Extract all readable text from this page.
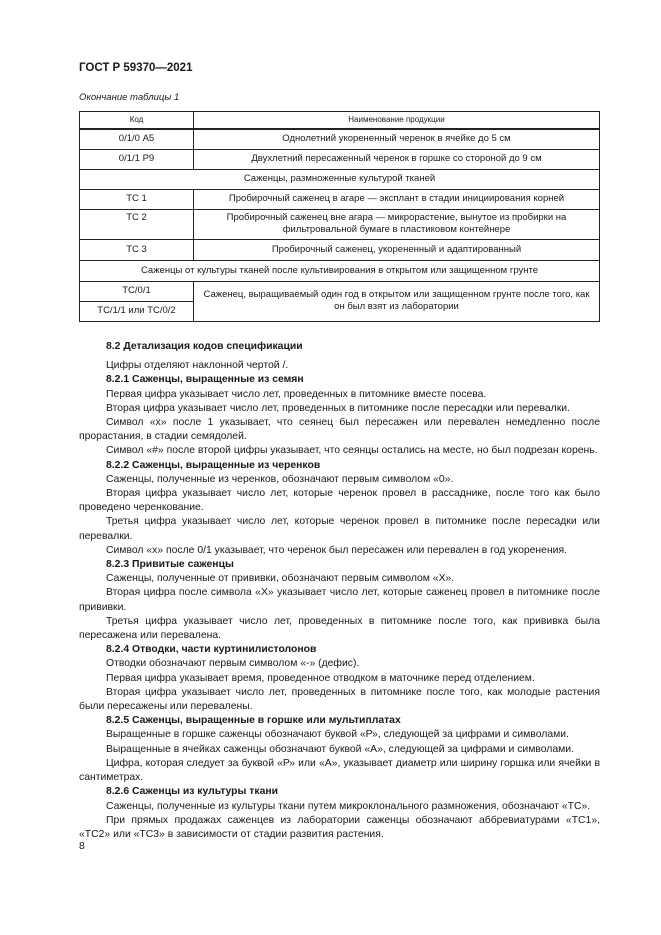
ГОСТ Р 59370—2021
Окончание таблицы 1
Код	Наименование продукции
0/1/0 А5	Однолетний укорененный черенок в ячейке до 5 см
0/1/1 Р9	Двухлетний пересаженный черенок в горшке со стороной до 9 см
Саженцы, размноженные культурой тканей	
ТС 1	Пробирочный саженец в агаре — эксплант в стадии инициирования корней
ТС 2	Пробирочный саженец вне агара — микрорастение, вынутое из пробирки на фильтровальной бумаге в пластиковом контейнере
ТС 3	Пробирочный саженец, укорененный и адаптированный
Саженцы от культуры тканей после культивирования в открытом или защищенном грунте	
ТС/0/1	Саженец, выращиваемый один год в открытом или защищенном грунте после того, как он был взят из лаборатории
ТС/1/1 или ТС/0/2	

8.2 Детализация кодов спецификации

Цифры отделяют наклонной чертой /.

8.2.1 Саженцы, выращенные из семян

Первая цифра указывает число лет, проведенных в питомнике вместе посева.

Вторая цифра указывает число лет, проведенных в питомнике после пересадки или перевалки.

Символ «x» после 1 указывает, что сеянец был пересажен или перевален немедленно после прорастания, в стадии семядолей.

Символ «#» после второй цифры указывает, что сеянцы остались на месте, но был подрезан корень.

8.2.2 Саженцы, выращенные из черенков

Саженцы, полученные из черенков, обозначают первым символом «0».

Вторая цифра указывает число лет, которые черенок провел в рассаднике, после того как было проведено черенкование.

Третья цифра указывает число лет, которые черенок провел в питомнике после пересадки или перевалки.

Символ «x» после 0/1 указывает, что черенок был пересажен или перевален в год укоренения.

8.2.3 Привитые саженцы

Саженцы, полученные от прививки, обозначают первым символом «X».

Вторая цифра после символа «X» указывает число лет, которые саженец провел в питомнике после прививки.

Третья цифра указывает число лет, проведенных в питомнике после того, как прививка была пересажена или перевалена.

8.2.4 Отводки, части куртинилистолонов

Отводки обозначают первым символом «-» (дефис).

Первая цифра указывает время, проведенное отводком в маточнике перед отделением.

Вторая цифра указывает число лет, проведенных в питомнике после того, как молодые растения были пересажены или перевалены.

8.2.5 Саженцы, выращенные в горшке или мультиплатах

Выращенные в горшке саженцы обозначают буквой «Р», следующей за цифрами и символами.

Выращенные в ячейках саженцы обозначают буквой «А», следующей за цифрами и символами.

Цифра, которая следует за буквой «Р» или «А», указывает диаметр или ширину горшка или ячейки в сантиметрах.

8.2.6 Саженцы из культуры ткани

Саженцы, полученные из культуры ткани путем микроклонального размножения, обозначают «ТС».

При прямых продажах саженцев из лаборатории саженцы обозначают аббревиатурами «ТС1», «ТС2» или «ТС3» в зависимости от стадии развития растения.

8
